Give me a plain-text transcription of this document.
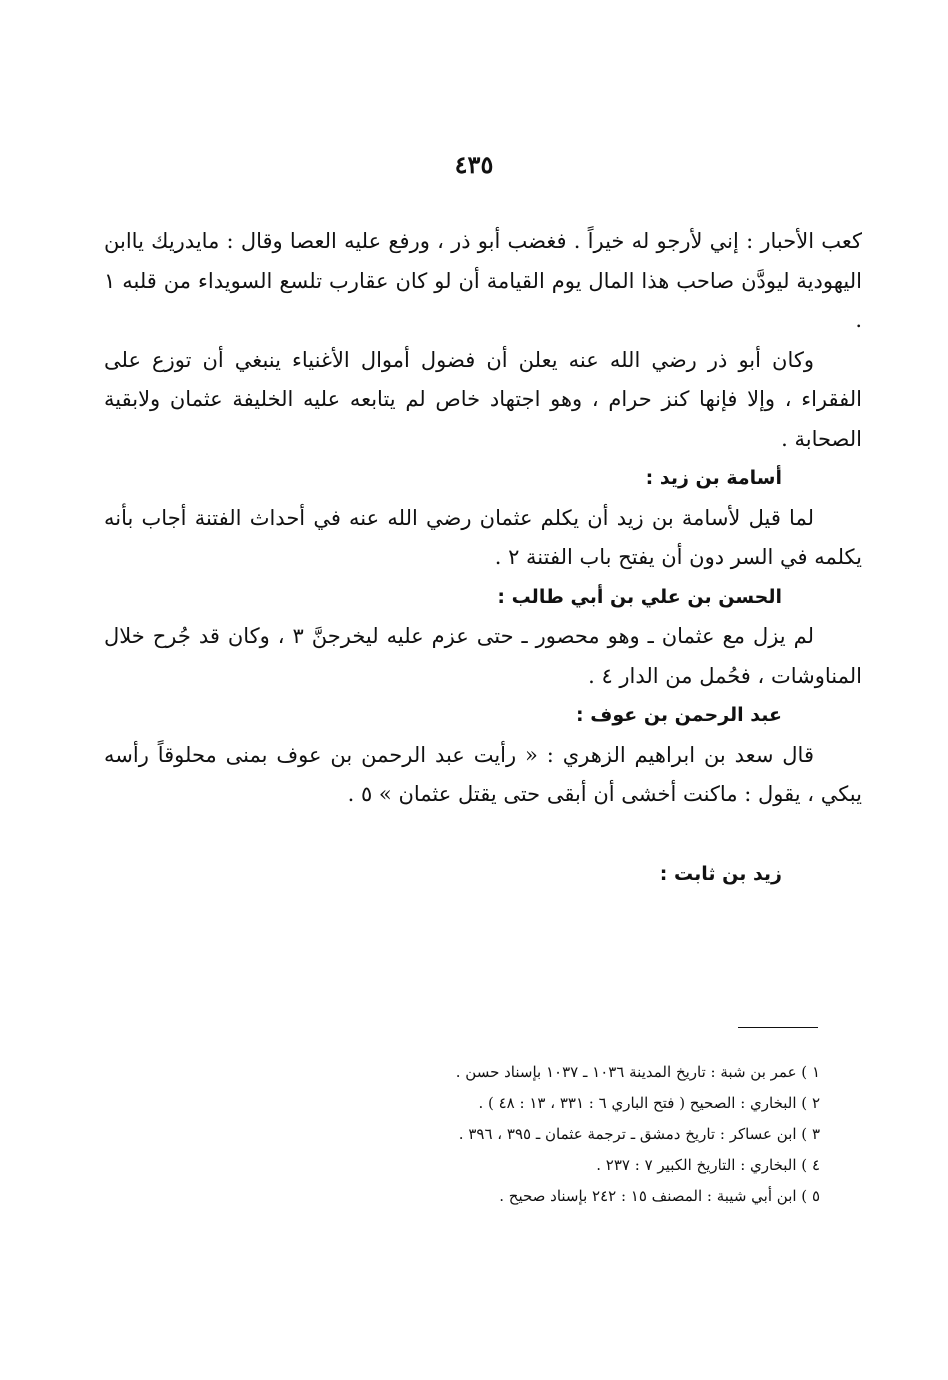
٤٣٥

كعب الأحبار : إني لأرجو له خيراً . فغضب أبو ذر ، ورفع عليه العصا وقال : مايدريك ياابن اليهودية ليودَّن صاحب هذا المال يوم القيامة أن لو كان عقارب تلسع السويداء من قلبه ١ .

وكان أبو ذر رضي الله عنه يعلن أن فضول أموال الأغنياء ينبغي أن توزع على الفقراء ، وإلا فإنها كنز حرام ، وهو اجتهاد خاص لم يتابعه عليه الخليفة عثمان ولابقية الصحابة .

أسامة بن زيد :

لما قيل لأسامة بن زيد أن يكلم عثمان رضي الله عنه في أحداث الفتنة أجاب بأنه يكلمه في السر دون أن يفتح باب الفتنة ٢ .

الحسن بن علي بن أبي طالب :

لم يزل مع عثمان ـ وهو محصور ـ حتى عزم عليه ليخرجنَّ ٣ ، وكان قد جُرح خلال المناوشات ، فحُمل من الدار ٤ .

عبد الرحمن بن عوف :

قال سعد بن ابراهيم الزهري : « رأيت عبد الرحمن بن عوف بمنى محلوقاً رأسه يبكي ، يقول : ماكنت أخشى أن أبقى حتى يقتل عثمان » ٥ .

زيد بن ثابت :

١ ) عمر بن شبة : تاريخ المدينة ١٠٣٦ ـ ١٠٣٧ بإسناد حسن .

٢ ) البخاري : الصحيح ( فتح الباري ٦ : ٣٣١ ، ١٣ : ٤٨ ) .

٣ ) ابن عساكر : تاريخ دمشق ـ ترجمة عثمان ـ ٣٩٥ ، ٣٩٦ .

٤ ) البخاري : التاريخ الكبير ٧ : ٢٣٧ .

٥ ) ابن أبي شيبة : المصنف ١٥ : ٢٤٢ بإسناد صحيح .
